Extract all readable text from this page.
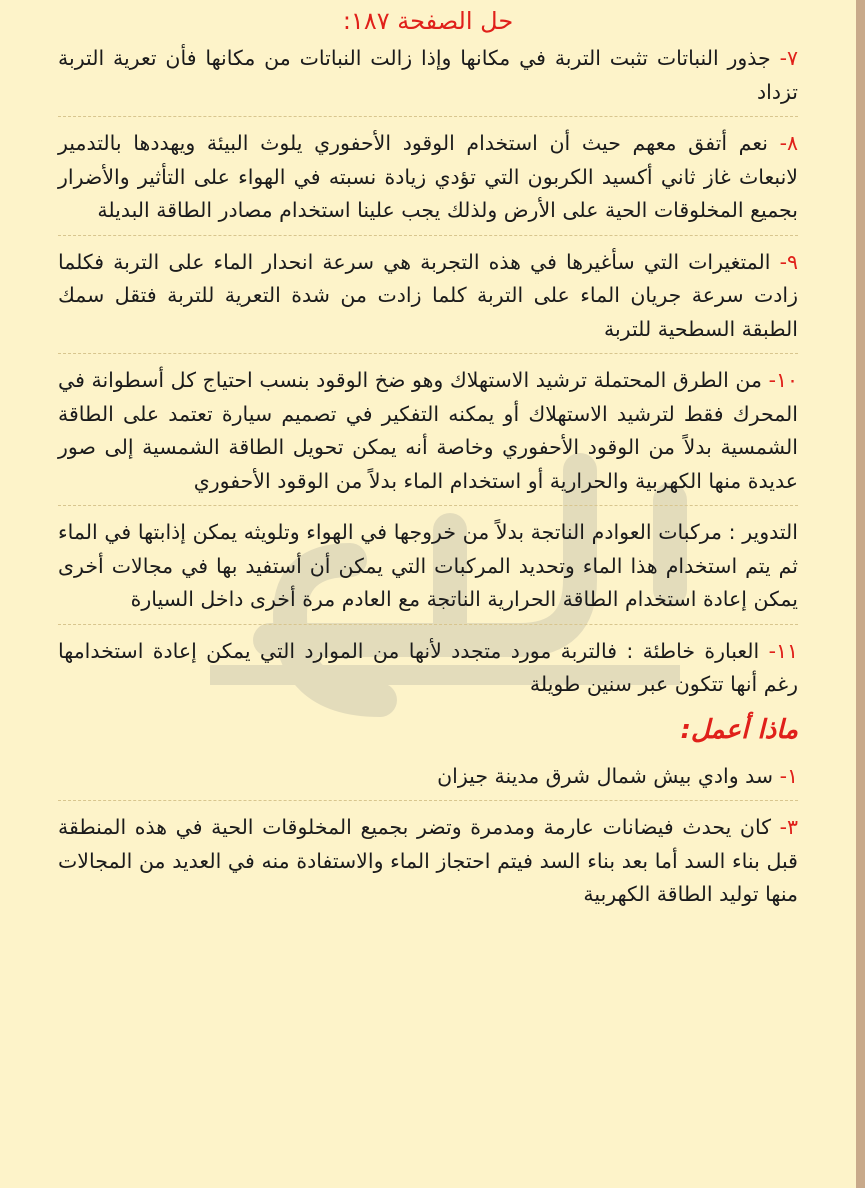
حل الصفحة ١٨٧:

٧- جذور النباتات تثبت التربة في مكانها وإذا زالت النباتات من مكانها فأن تعرية التربة تزداد

٨- نعم أتفق معهم حيث أن استخدام الوقود الأحفوري يلوث البيئة ويهددها بالتدمير لانبعاث غاز ثاني أكسيد الكربون التي تؤدي زيادة نسبته في الهواء على التأثير والأضرار بجميع المخلوقات الحية على الأرض ولذلك يجب علينا استخدام مصادر الطاقة البديلة

٩- المتغيرات التي سأغيرها في هذه التجربة هي سرعة انحدار الماء على التربة فكلما زادت سرعة جريان الماء على التربة كلما زادت من شدة التعرية للتربة فتقل سمك الطبقة السطحية للتربة

١٠- من الطرق المحتملة ترشيد الاستهلاك وهو ضخ الوقود بنسب احتياج كل أسطوانة في المحرك فقط لترشيد الاستهلاك أو يمكنه التفكير في تصميم سيارة تعتمد على الطاقة الشمسية بدلاً من الوقود الأحفوري وخاصة أنه يمكن تحويل الطاقة الشمسية إلى صور عديدة منها الكهربية والحرارية أو استخدام الماء بدلاً من الوقود الأحفوري

التدوير : مركبات العوادم الناتجة بدلاً من خروجها في الهواء وتلويثه يمكن إذابتها في الماء ثم يتم استخدام هذا الماء وتحديد المركبات التي يمكن أن أستفيد بها في مجالات أخرى يمكن إعادة استخدام الطاقة الحرارية الناتجة مع العادم مرة أخرى داخل السيارة

١١- العبارة خاطئة : فالتربة مورد متجدد لأنها من الموارد التي يمكن إعادة استخدامها رغم أنها تتكون عبر سنين طويلة

ماذا أعمل:

١- سد وادي بيش شمال شرق مدينة جيزان

٣- كان يحدث فيضانات عارمة ومدمرة وتضر بجميع المخلوقات الحية في هذه المنطقة قبل بناء السد أما بعد بناء السد فيتم احتجاز الماء والاستفادة منه في العديد من المجالات منها توليد الطاقة الكهربية
